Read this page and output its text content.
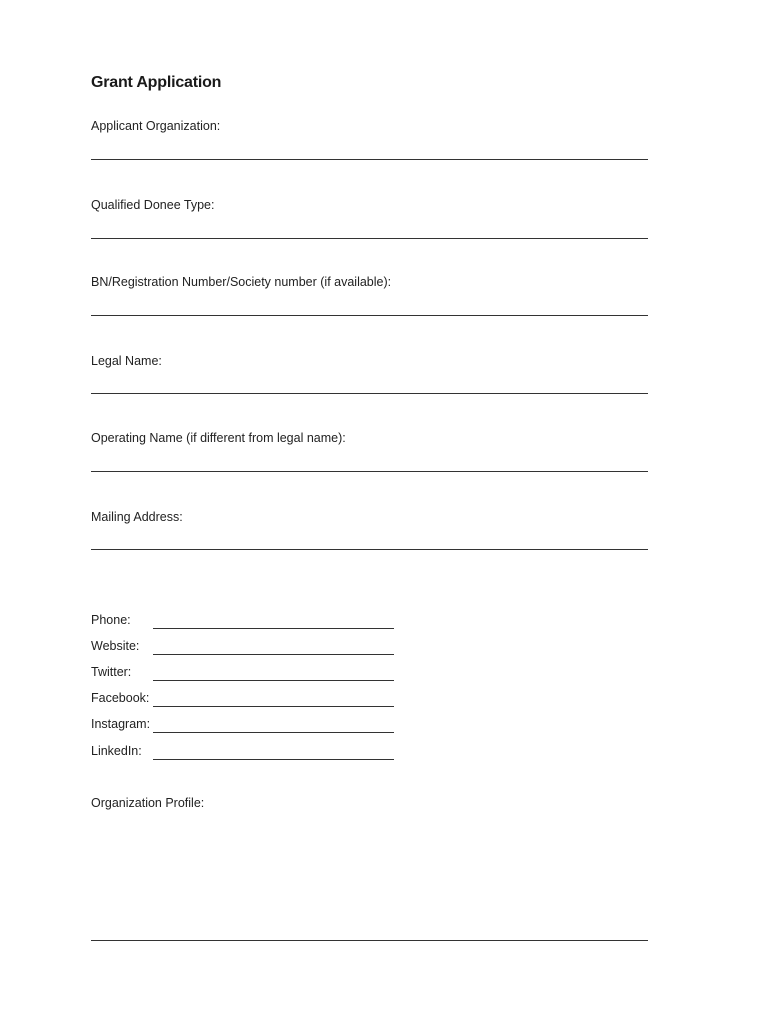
Grant Application
Applicant Organization:
Qualified Donee Type:
BN/Registration Number/Society number (if available):
Legal Name:
Operating Name (if different from legal name):
Mailing Address:
Phone:
Website:
Twitter:
Facebook:
Instagram:
LinkedIn:
Organization Profile:
